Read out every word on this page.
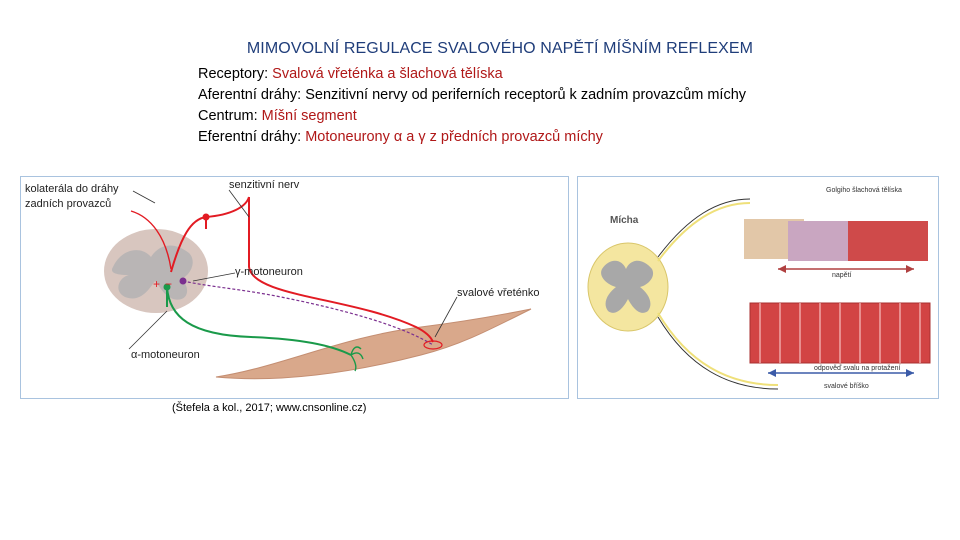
MIMOVOLNÍ REGULACE SVALOVÉHO NAPĚTÍ MÍŠNÍM REFLEXEM
Receptory: Svalová vřeténka a šlachová tělíska
Aferentní dráhy: Senzitivní nervy od periferních receptorů k zadním provazcům míchy
Centrum: Míšní segment
Eferentní dráhy: Motoneurony α a γ z předních provazců míchy
kolaterála do dráhy
zadních provazců
senzitivní nerv
γ-motoneuron
svalové vřeténko
α-motoneuron
+ −
Mícha
Golgiho šlachová tělíska
napětí
odpověď svalu na protažení
svalové bříško
(Štefela a kol., 2017; www.cnsonline.cz)
